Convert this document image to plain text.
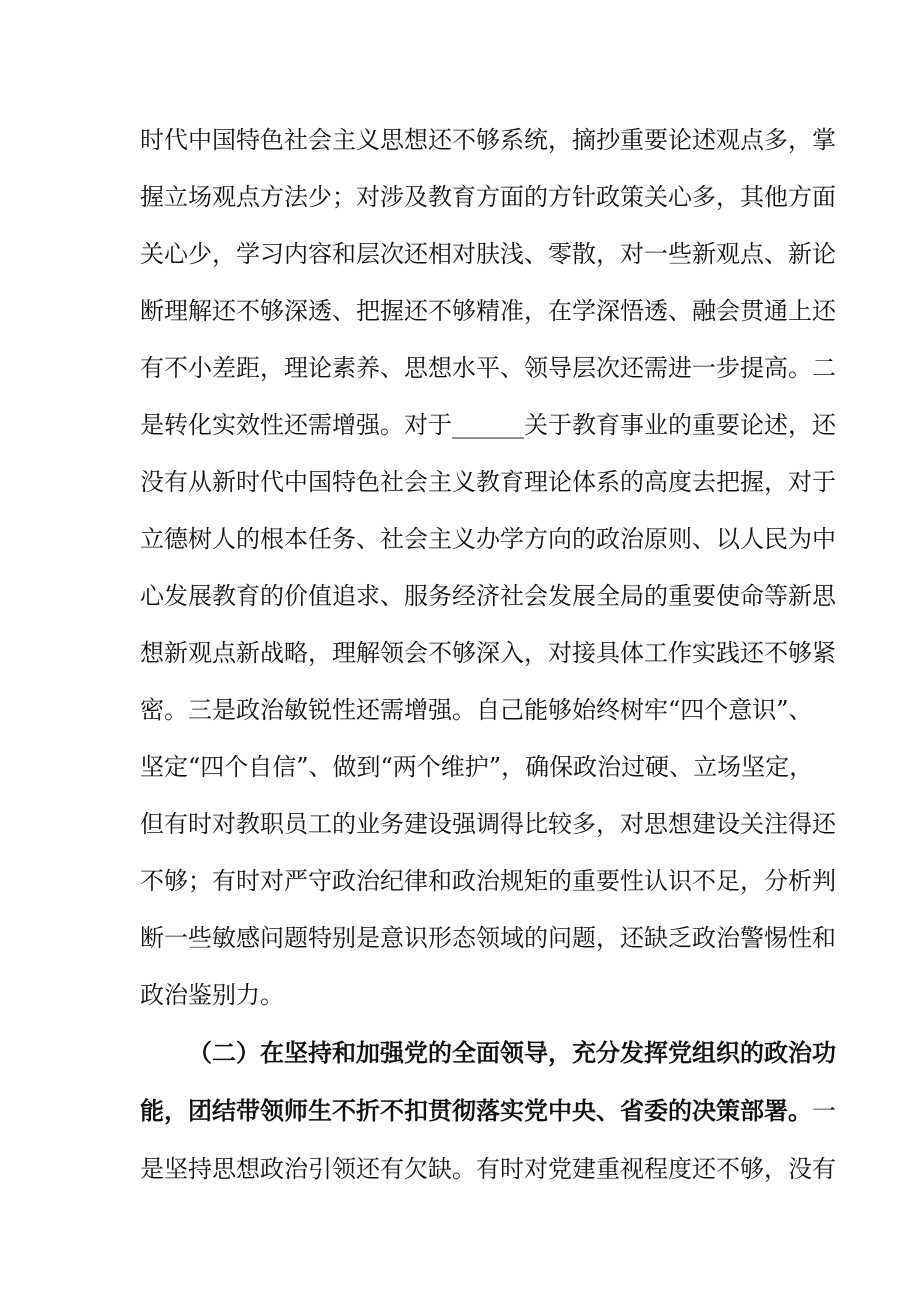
时代中国特色社会主义思想还不够系统，摘抄重要论述观点多，掌

握立场观点方法少；对涉及教育方面的方针政策关心多，其他方面

关心少，学习内容和层次还相对肤浅、零散，对一些新观点、新论

断理解还不够深透、把握还不够精准，在学深悟透、融会贯通上还

有不小差距，理论素养、思想水平、领导层次还需进一步提高。二

是转化实效性还需增强。对于______关于教育事业的重要论述，还

没有从新时代中国特色社会主义教育理论体系的高度去把握，对于

立德树人的根本任务、社会主义办学方向的政治原则、以人民为中

心发展教育的价值追求、服务经济社会发展全局的重要使命等新思

想新观点新战略，理解领会不够深入，对接具体工作实践还不够紧

密。三是政治敏锐性还需增强。自己能够始终树牢“四个意识”、

坚定“四个自信”、做到“两个维护”，确保政治过硬、立场坚定，

但有时对教职员工的业务建设强调得比较多，对思想建设关注得还

不够；有时对严守政治纪律和政治规矩的重要性认识不足，分析判

断一些敏感问题特别是意识形态领域的问题，还缺乏政治警惕性和

政治鉴别力。

（二）在坚持和加强党的全面领导，充分发挥党组织的政治功

能，团结带领师生不折不扣贯彻落实党中央、省委的决策部署。一

是坚持思想政治引领还有欠缺。有时对党建重视程度还不够，没有
